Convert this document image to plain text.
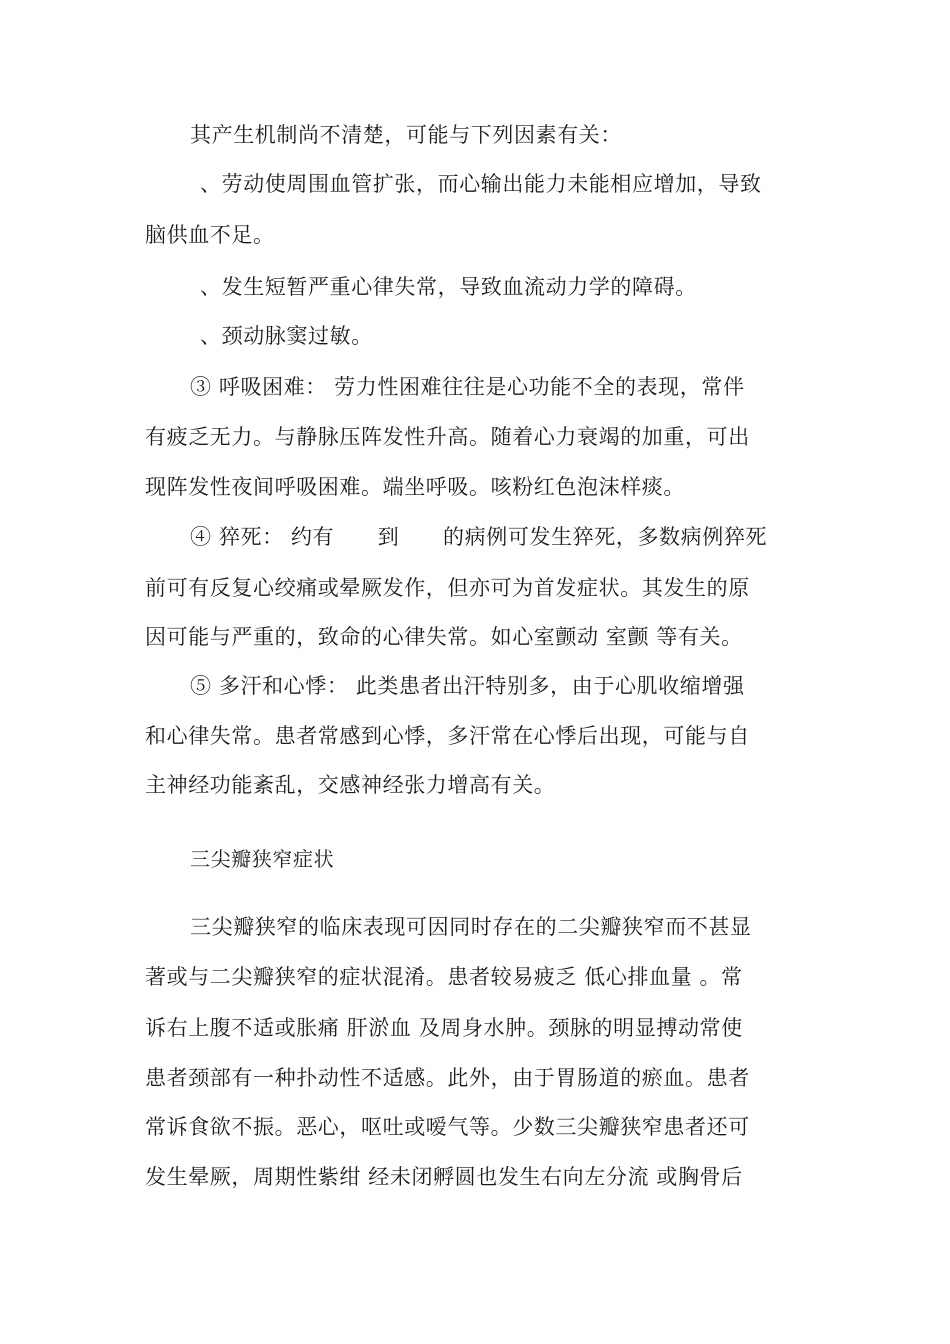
其产生机制尚不清楚，可能与下列因素有关：
、劳动使周围血管扩张，而心输出能力未能相应增加，导致
脑供血不足。
、发生短暂严重心律失常，导致血流动力学的障碍。
、颈动脉窦过敏。
③ 呼吸困难： 劳力性困难往往是心功能不全的表现，常伴
有疲乏无力。与静脉压阵发性升高。随着心力衰竭的加重，可出
现阵发性夜间呼吸困难。端坐呼吸。咳粉红色泡沫样痰。
④ 猝死： 约有      到      的病例可发生猝死，多数病例猝死
前可有反复心绞痛或晕厥发作，但亦可为首发症状。其发生的原
因可能与严重的，致命的心律失常。如心室颤动 室颤 等有关。
⑤ 多汗和心悸： 此类患者出汗特别多，由于心肌收缩增强
和心律失常。患者常感到心悸，多汗常在心悸后出现，可能与自
主神经功能紊乱，交感神经张力增高有关。
三尖瓣狭窄症状
三尖瓣狭窄的临床表现可因同时存在的二尖瓣狭窄而不甚显
著或与二尖瓣狭窄的症状混淆。患者较易疲乏 低心排血量 。常
诉右上腹不适或胀痛 肝淤血 及周身水肿。颈脉的明显搏动常使
患者颈部有一种扑动性不适感。此外，由于胃肠道的瘀血。患者
常诉食欲不振。恶心，呕吐或嗳气等。少数三尖瓣狭窄患者还可
发生晕厥，周期性紫绀 经未闭孵圆也发生右向左分流 或胸骨后
